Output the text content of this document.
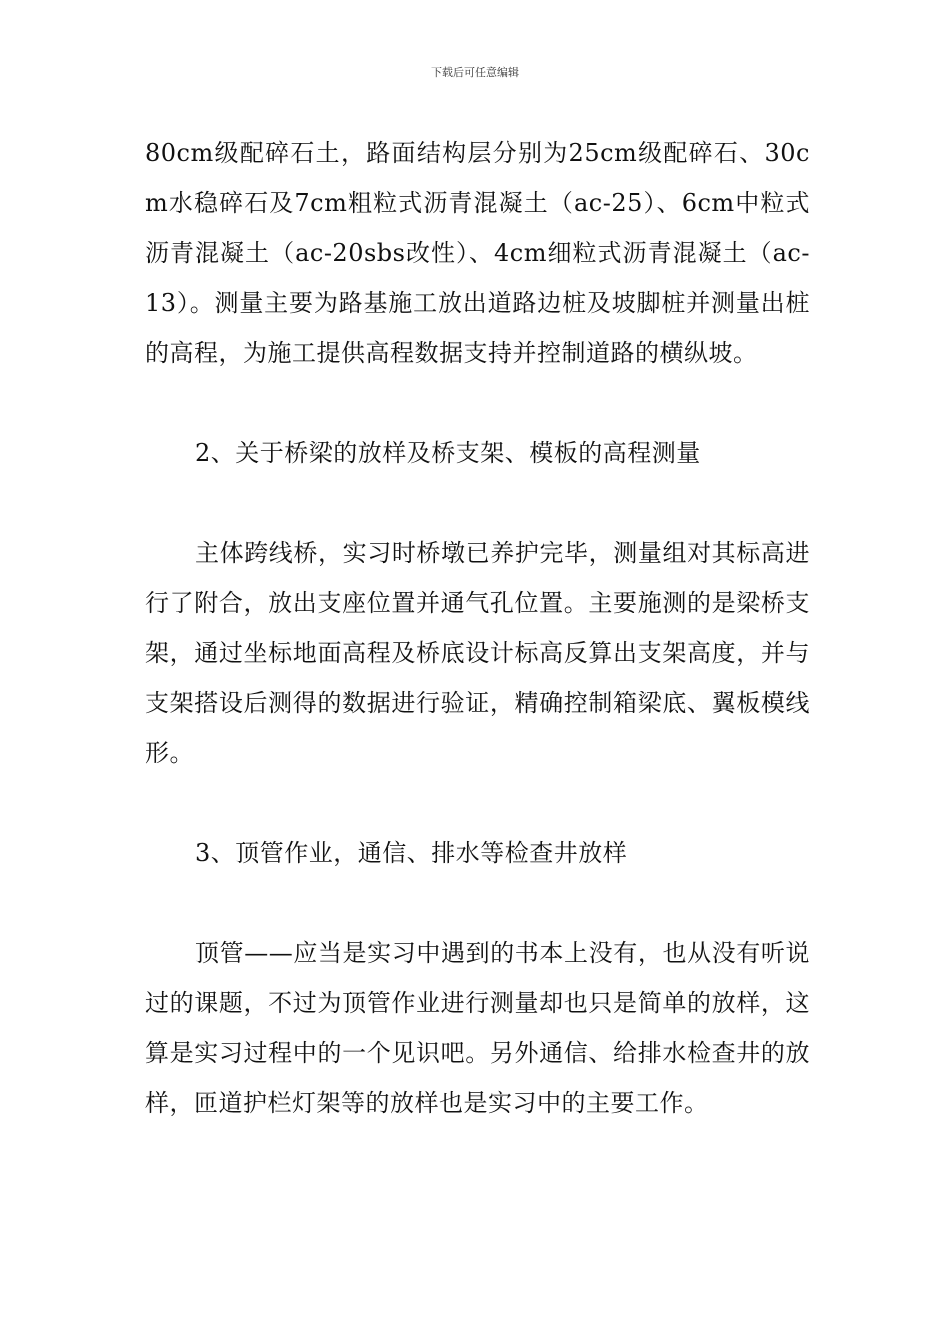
下载后可任意编辑

80cm级配碎石土，路面结构层分别为25cm级配碎石、30cm水稳碎石及7cm粗粒式沥青混凝土（ac-25）、6cm中粒式沥青混凝土（ac-20sbs改性）、4cm细粒式沥青混凝土（ac-13）。测量主要为路基施工放出道路边桩及坡脚桩并测量出桩的高程，为施工提供高程数据支持并控制道路的横纵坡。

2、关于桥梁的放样及桥支架、模板的高程测量

主体跨线桥，实习时桥墩已养护完毕，测量组对其标高进行了附合，放出支座位置并通气孔位置。主要施测的是梁桥支架，通过坐标地面高程及桥底设计标高反算出支架高度，并与支架搭设后测得的数据进行验证，精确控制箱梁底、翼板模线形。

3、顶管作业，通信、排水等检查井放样

顶管——应当是实习中遇到的书本上没有，也从没有听说过的课题，不过为顶管作业进行测量却也只是简单的放样，这算是实习过程中的一个见识吧。另外通信、给排水检查井的放样，匝道护栏灯架等的放样也是实习中的主要工作。
